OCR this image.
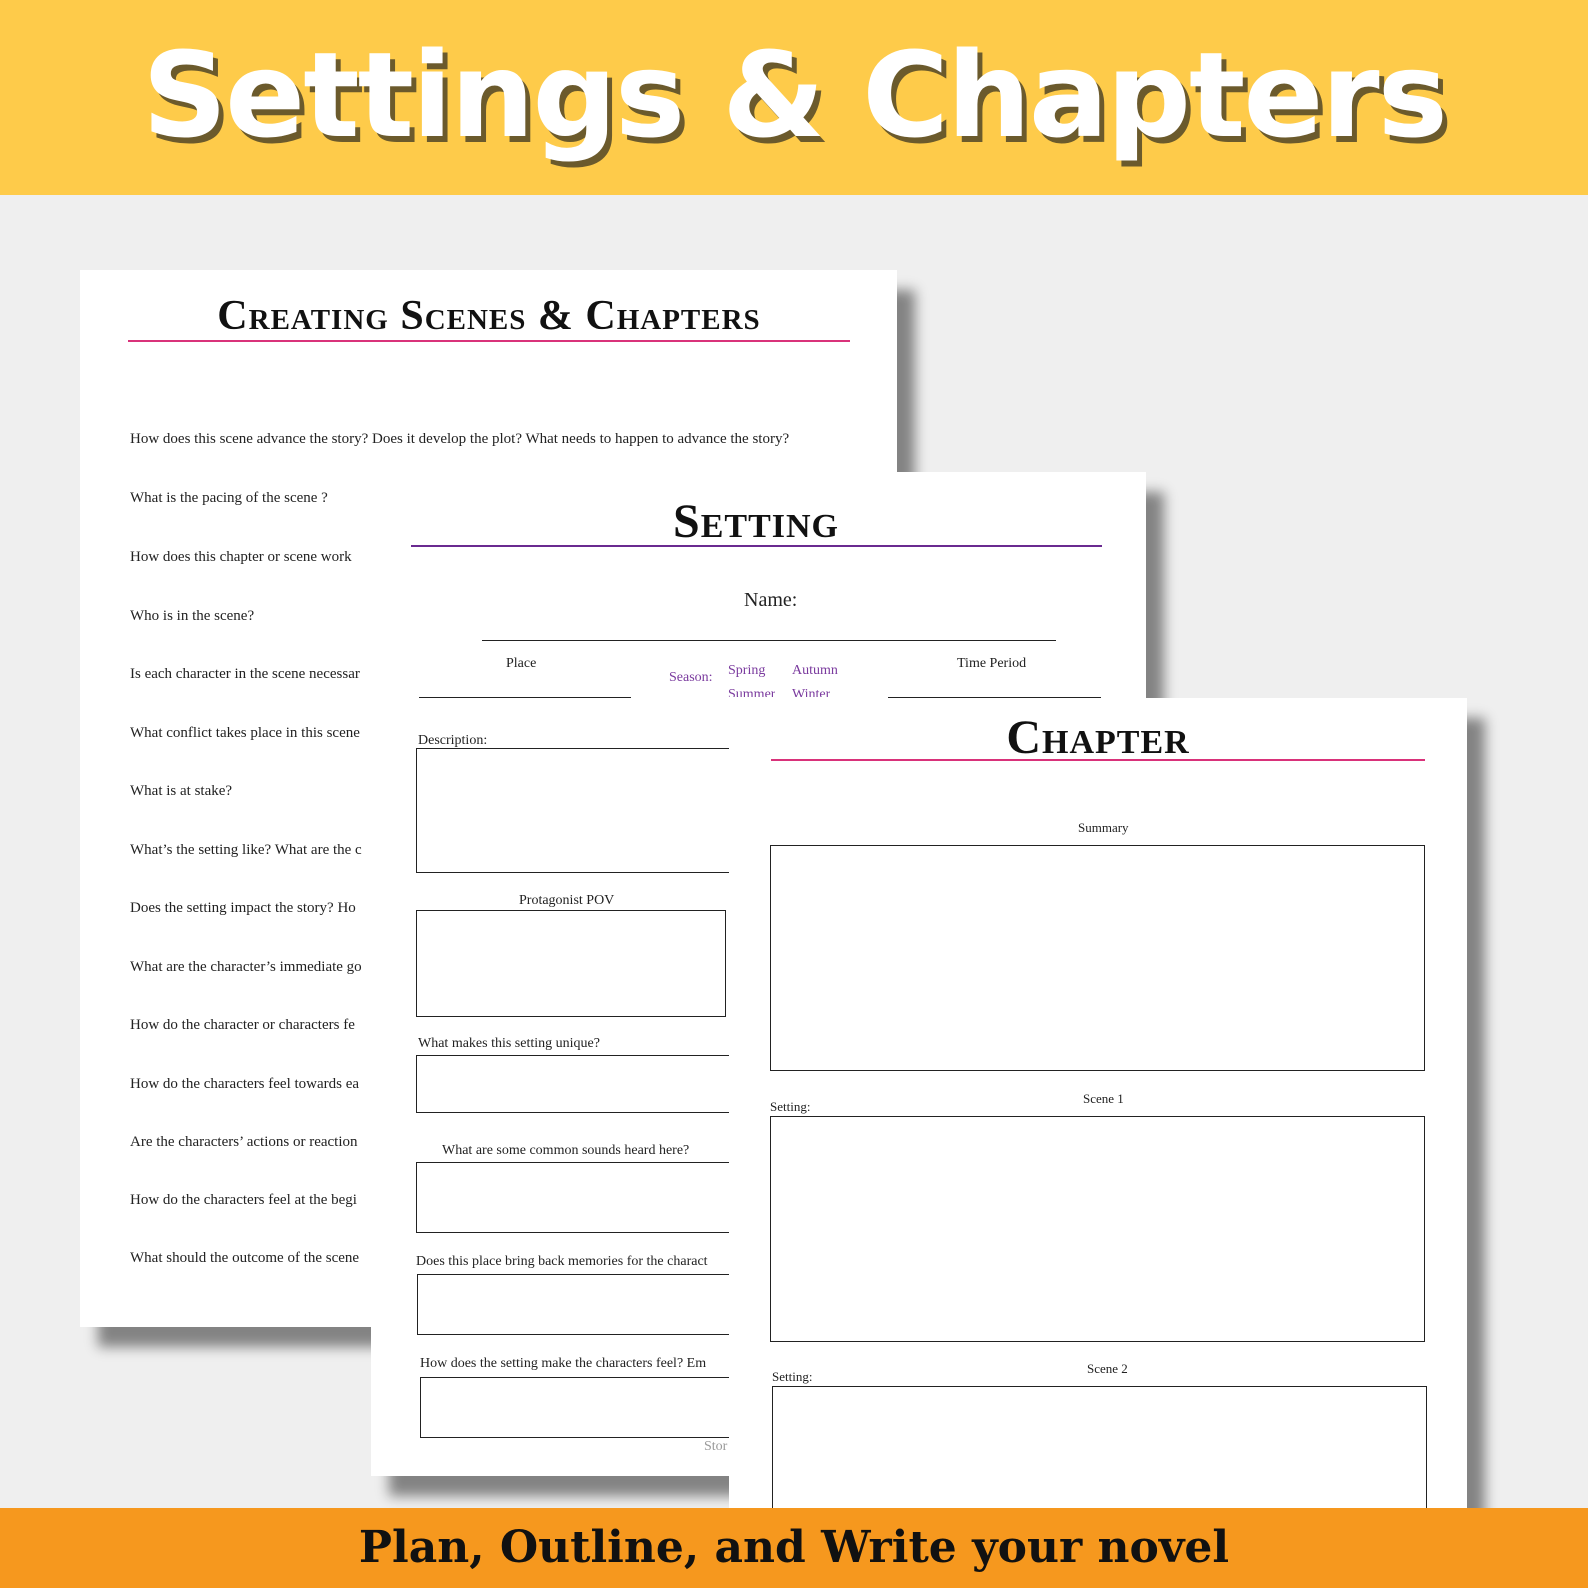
Settings & Chapters
Creating Scenes & Chapters
How does this scene advance the story? Does it develop the plot? What needs to happen to advance the story?
What is the pacing of the scene ?
How does this chapter or scene work
Who is in the scene?
Is each character in the scene necessar
What conflict takes place in this scene
What is at stake?
What’s the setting like? What are the c
Does the setting impact the story? Ho
What are the character’s immediate go
How do the character or characters fe
How do the characters feel towards ea
Are the characters’ actions or reaction
How do the characters feel at the begi
What should the outcome of the scene
Setting
Name:
Place
Season: Spring Autumn
Summer Winter
Time Period
Description:
Protagonist POV
What makes this setting unique?
What are some common sounds heard here?
Does this place bring back memories for the charact
How does the setting make the characters feel? Em
Stor
Chapter
Summary
Setting:
Scene 1
Setting:
Scene 2
Plan, Outline, and Write your novel
